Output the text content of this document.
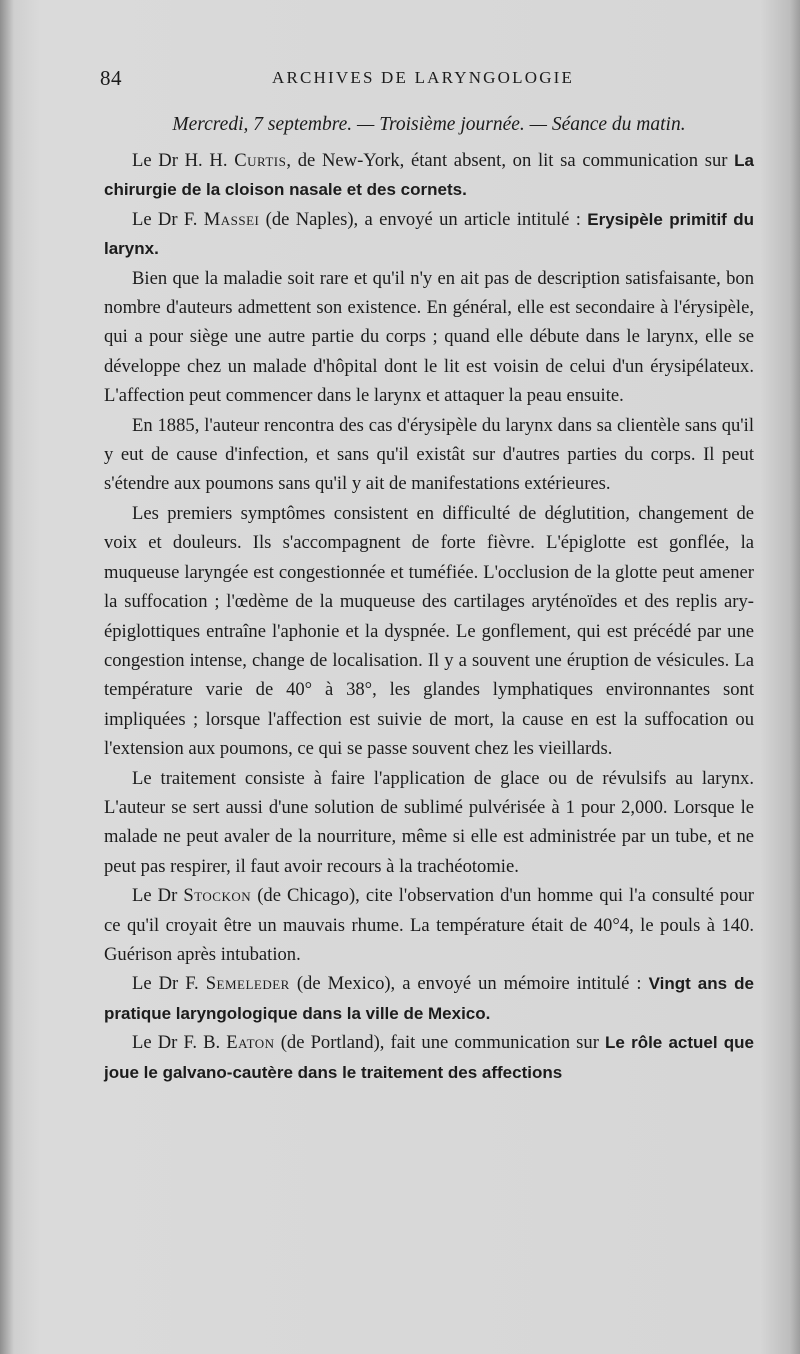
84	ARCHIVES DE LARYNGOLOGIE

Mercredi, 7 septembre. — Troisième journée. — Séance du matin.

Le Dr H. H. Curtis, de New-York, étant absent, on lit sa communication sur La chirurgie de la cloison nasale et des cornets.

Le Dr F. Massei (de Naples), a envoyé un article intitulé : Erysipèle primitif du larynx.

Bien que la maladie soit rare et qu'il n'y en ait pas de description satisfaisante, bon nombre d'auteurs admettent son existence. En général, elle est secondaire à l'érysipèle, qui a pour siège une autre partie du corps ; quand elle débute dans le larynx, elle se développe chez un malade d'hôpital dont le lit est voisin de celui d'un érysipélateux. L'affection peut commencer dans le larynx et attaquer la peau ensuite.

En 1885, l'auteur rencontra des cas d'érysipèle du larynx dans sa clientèle sans qu'il y eut de cause d'infection, et sans qu'il existât sur d'autres parties du corps. Il peut s'étendre aux poumons sans qu'il y ait de manifestations extérieures.

Les premiers symptômes consistent en difficulté de déglutition, changement de voix et douleurs. Ils s'accompagnent de forte fièvre. L'épiglotte est gonflée, la muqueuse laryngée est congestionnée et tuméfiée. L'occlusion de la glotte peut amener la suffocation ; l'œdème de la muqueuse des cartilages aryténoïdes et des replis ary-épiglottiques entraîne l'aphonie et la dyspnée. Le gonflement, qui est précédé par une congestion intense, change de localisation. Il y a souvent une éruption de vésicules. La température varie de 40° à 38°, les glandes lymphatiques environnantes sont impliquées ; lorsque l'affection est suivie de mort, la cause en est la suffocation ou l'extension aux poumons, ce qui se passe souvent chez les vieillards.

Le traitement consiste à faire l'application de glace ou de révulsifs au larynx. L'auteur se sert aussi d'une solution de sublimé pulvérisée à 1 pour 2,000. Lorsque le malade ne peut avaler de la nourriture, même si elle est administrée par un tube, et ne peut pas respirer, il faut avoir recours à la trachéotomie.

Le Dr Stockon (de Chicago), cite l'observation d'un homme qui l'a consulté pour ce qu'il croyait être un mauvais rhume. La température était de 40°4, le pouls à 140. Guérison après intubation.

Le Dr F. Semeleder (de Mexico), a envoyé un mémoire intitulé : Vingt ans de pratique laryngologique dans la ville de Mexico.

Le Dr F. B. Eaton (de Portland), fait une communication sur Le rôle actuel que joue le galvano-cautère dans le traitement des affections
